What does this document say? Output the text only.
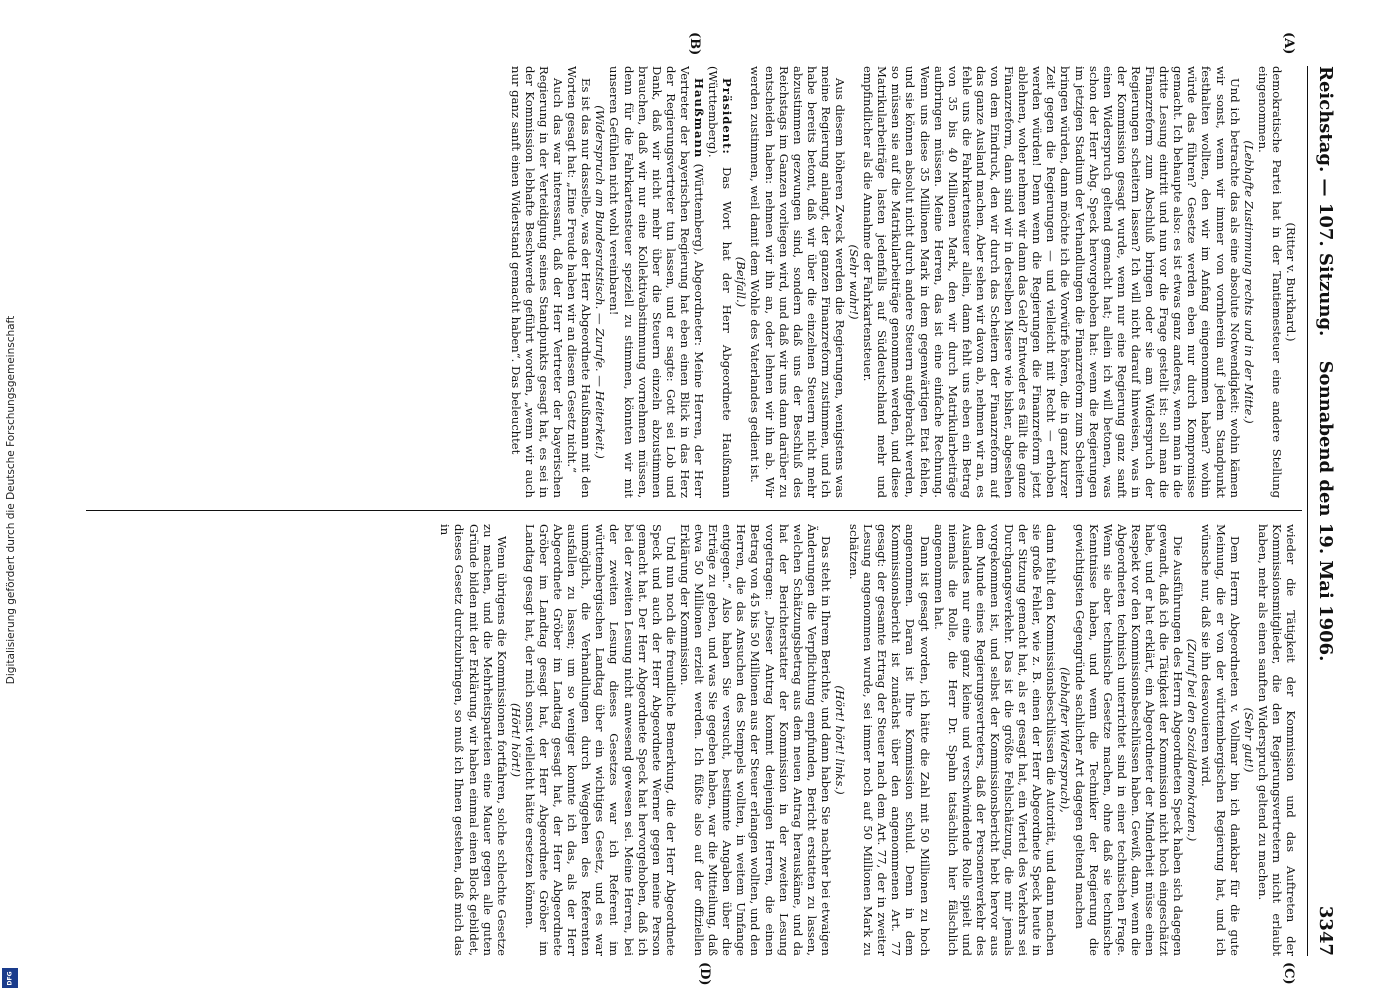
Digitalisierung gefördert durch die Deutsche Forschungsgemeinschaft
DFG
Reichstag. — 107. Sitzung.
Sonnabend den 19. Mai 1906.
3347
(A)
(B)
(C)
(D)

(Ritter v. Burkhard.)

demokratische Partei hat in der Tantiemesteuer eine andere Stellung eingenommen.

(Lebhafte Zustimmung rechts und in der Mitte.)

Und ich betrachte das als eine absolute Notwendigkeit: wohin kämen wir sonst, wenn wir immer von vornherein auf jedem Standpunkt festhalten wollten, den wir im Anfang eingenommen haben? wohin würde das führen? Gesetze werden eben nur durch Kompromisse gemacht. Ich behaupte also: es ist etwas ganz anderes, wenn man in die dritte Lesung eintritt und nun vor die Frage gestellt ist: soll man die Finanzreform zum Abschluß bringen oder sie am Widerspruch der Regierungen scheitern lassen? Ich will nicht darauf hinweisen, was in der Kommission gesagt wurde, wenn nur eine Regierung ganz sanft einen Widerspruch geltend gemacht hat; allein ich will betonen, was schon der Herr Abg. Speck hervorgehoben hat: wenn die Regierungen im jetzigen Stadium der Verhandlungen die Finanzreform zum Scheitern bringen würden, dann möchte ich die Vorwürfe hören, die in ganz kurzer Zeit gegen die Regierungen — und vielleicht mit Recht — erhoben werden würden! Denn wenn die Regierungen die Finanzreform jetzt ablehnen, woher nehmen wir dann das Geld? Entweder es fällt die ganze Finanzreform, dann sind wir in derselben Misere wie bisher, abgesehen von dem Eindruck, den wir durch das Scheitern der Finanzreform auf das ganze Ausland machen. Aber sehen wir davon ab, nehmen wir an, es fehle uns die Fahrkartensteuer allein, dann fehlt uns eben ein Betrag von 35 bis 40 Millionen Mark, den wir durch Matrikularbeiträge aufbringen müssen. Meine Herren, das ist eine einfache Rechnung. Wenn uns diese 35 Millionen Mark in dem gegenwärtigen Etat fehlen, und sie können absolut nicht durch andere Steuern aufgebracht werden, so müssen sie auf die Matrikularbeiträge genommen werden, und diese Matrikularbeiträge lasten jedenfalls auf Süddeutschland mehr und empfindlicher als die Annahme der Fahrkartensteuer.

(Sehr wahr!)

Aus diesem höheren Zweck werden die Regierungen, wenigstens was meine Regierung anlangt, der ganzen Finanzreform zustimmen, und ich habe bereits betont, daß wir über die einzelnen Steuern nicht mehr abzustimmen gezwungen sind, sondern daß uns der Beschluß des Reichstags im Ganzen vorliegen wird, und daß wir uns dann darüber zu entscheiden haben: nehmen wir ihn an, oder lehnen wir ihn ab. Wir werden zustimmen, weil damit dem Wohle des Vaterlandes gedient ist.

(Beifall.)

Präsident: Das Wort hat der Herr Abgeordnete Haußmann (Württemberg).

Haußmann (Württemberg), Abgeordneter: Meine Herren, der Herr Vertreter der bayerischen Regierung hat eben einen Blick in das Herz der Regierungsvertreter tun lassen, und er sagte: Gott sei Lob und Dank, daß wir nicht mehr über die Steuern einzeln abzustimmen brauchen, daß wir nur eine Kollektivabstimmung vornehmen müssen, denn für die Fahrkartensteuer speziell zu stimmen, könnten wir mit unseren Gefühlen nicht wohl vereinbaren!

(Widerspruch am Bundesratstisch. — Zurufe. — Heiterkeit.)

Es ist das nur dasselbe, was der Herr Abgeordnete Haußmann mit den Worten gesagt hat: „Eine Freude haben wir an diesem Gesetz nicht.“

Auch das war interessant, daß der Herr Vertreter der bayerischen Regierung in der Verteidigung seines Standpunkts gesagt hat, es sei in der Kommission lebhafte Beschwerde geführt worden, „wenn wir auch nur ganz sanft einen Widerstand gemacht haben“. Das beleuchtet

wieder die Tätigkeit der Kommission und das Auftreten der Kommissionsmitglieder, die den Regierungsvertretern nicht erlaubt haben, mehr als einen sanften Widerspruch geltend zu machen.

(Sehr gut!)

Dem Herrn Abgeordneten v. Vollmar bin ich dankbar für die gute Meinung, die er von der württembergischen Regierung hat, und ich wünsche nur, daß sie ihn desavouieren wird.

(Zuruf bei den Sozialdemokraten.)

Die Ausführungen des Herrn Abgeordneten Speck haben sich dagegen gewandt, daß ich die Tätigkeit der Kommission nicht hoch eingeschätzt habe, und er hat erklärt, ein Abgeordneter der Minderheit müsse einen Respekt vor den Kommissionsbeschlüssen haben. Gewiß, dann, wenn die Abgeordneten technisch unterrichtet sind in einer technischen Frage. Wenn sie aber technische Gesetze machen, ohne daß sie technische Kenntnisse haben, und wenn die Techniker der Regierung die gewichtigsten Gegengründe sachlicher Art dagegen geltend machen

(lebhafter Widerspruch),

dann fehlt den Kommissionsbeschlüssen die Autorität, und dann machen sie große Fehler, wie z. B. einen der Herr Abgeordnete Speck heute in der Sitzung gemacht hat, als er gesagt hat, ein Viertel des Verkehrs sei Durchgangsverkehr. Das ist die größte Fehlschätzung, die mir jemals vorgekommen ist, und selbst der Kommissionsbericht hebt hervor aus dem Munde eines Regierungsvertreters, daß der Personenverkehr des Auslandes nur eine ganz kleine und verschwindende Rolle spielt und niemals die Rolle, die Herr Dr. Spahn tatsächlich hier fälschlich angenommen hat.

Dann ist gesagt worden, ich hätte die Zahl mit 50 Millionen zu hoch angenommen. Daran ist Ihre Kommission schuld. Denn in dem Kommissionsbericht ist zunächst über den angenommenen Art. 77 gesagt: der gesamte Ertrag der Steuer nach dem Art. 77, der in zweiter Lesung angenommen wurde, sei immer noch auf 50 Millionen Mark zu schätzen.

(Hört! hört! links.)

Das steht in Ihrem Berichte, und dann haben Sie nachher bei etwaigen Änderungen die Verpflichtung empfunden, Bericht erstatten zu lassen, welchen Schätzungsbetrag aus dem neuen Antrag herauskäme, und da hat der Berichterstatter der Kommission in der zweiten Lesung vorgetragen: „Dieser Antrag kommt denjenigen Herren, die einen Betrag von 45 bis 50 Millionen aus der Steuer erlangen wollten, und den Herren, die das Ansuchen des Stempels wollten, in weitem Umfange entgegen.“ Also haben Sie versucht, bestimmte Angaben über die Erträge zu geben, und was Sie gegeben haben, war die Mitteilung, daß etwa 50 Millionen erzielt werden. Ich füßte also auf der offiziellen Erklärung der Kommission.

Und nun noch die freundliche Bemerkung, die der Herr Abgeordnete Speck und auch der Herr Abgeordnete Werner gegen meine Person gemacht hat. Der Herr Abgeordnete Speck hat hervorgehoben, daß ich bei der zweiten Lesung nicht anwesend gewesen sei. Meine Herren, bei der zweiten Lesung dieses Gesetzes war ich Referent im württembergischen Landtag über ein wichtiges Gesetz, und es war unmöglich, die Verhandlungen durch Weggehen des Referenten ausfallen zu lassen; um so weniger konnte ich das, als der Herr Abgeordnete Gröber im Landtag gesagt hat, der Herr Abgeordnete Gröber im Landtag gesagt hat, der Herr Abgeordnete Gröber im Landtag gesagt hat, der mich sonst vielleicht hätte ersetzen können.

(Hört! hört!)

Wenn übrigens die Kommissionen fortfahren, solche schlechte Gesetze zu machen, und die Mehrheitsparteien eine Mauer gegen alle guten Gründe bilden mit der Erklärung, wir haben einmal einen Block gebildet, dieses Gesetz durchzubringen, so muß ich Ihnen gestehen, daß mich das in
